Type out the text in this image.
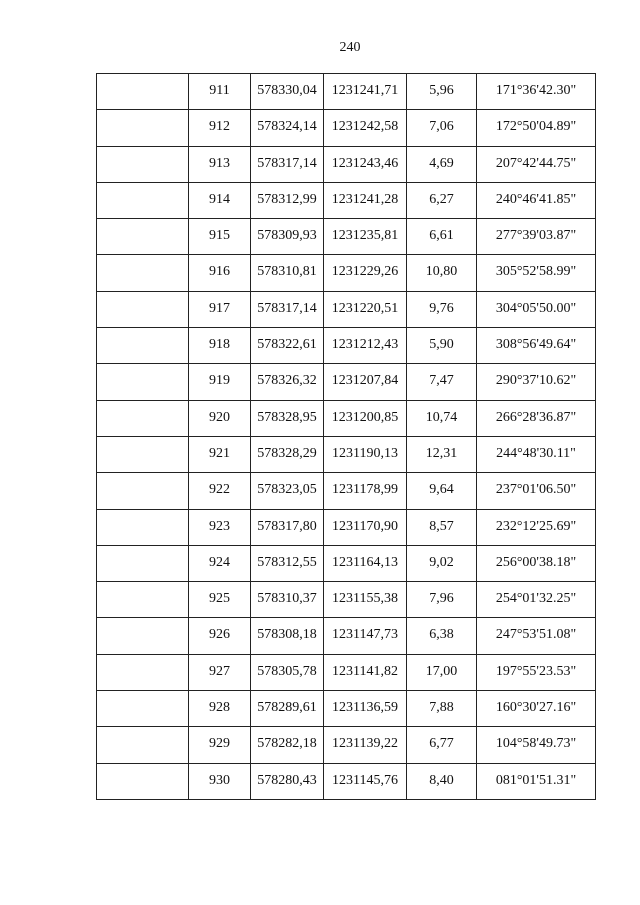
240
	911	578330,04	1231241,71	5,96	171°36'42.30"
	912	578324,14	1231242,58	7,06	172°50'04.89"
	913	578317,14	1231243,46	4,69	207°42'44.75"
	914	578312,99	1231241,28	6,27	240°46'41.85"
	915	578309,93	1231235,81	6,61	277°39'03.87"
	916	578310,81	1231229,26	10,80	305°52'58.99"
	917	578317,14	1231220,51	9,76	304°05'50.00"
	918	578322,61	1231212,43	5,90	308°56'49.64"
	919	578326,32	1231207,84	7,47	290°37'10.62"
	920	578328,95	1231200,85	10,74	266°28'36.87"
	921	578328,29	1231190,13	12,31	244°48'30.11"
	922	578323,05	1231178,99	9,64	237°01'06.50"
	923	578317,80	1231170,90	8,57	232°12'25.69"
	924	578312,55	1231164,13	9,02	256°00'38.18"
	925	578310,37	1231155,38	7,96	254°01'32.25"
	926	578308,18	1231147,73	6,38	247°53'51.08"
	927	578305,78	1231141,82	17,00	197°55'23.53"
	928	578289,61	1231136,59	7,88	160°30'27.16"
	929	578282,18	1231139,22	6,77	104°58'49.73"
	930	578280,43	1231145,76	8,40	081°01'51.31"
